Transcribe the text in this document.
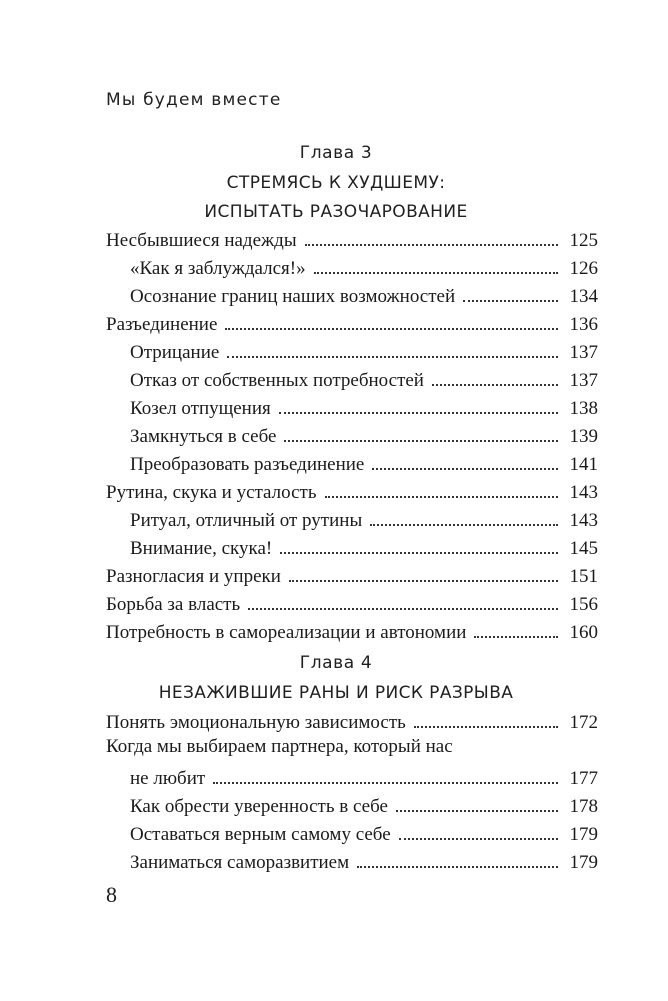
Мы будем вместе
Глава 3
СТРЕМЯСЬ К ХУДШЕМУ:
ИСПЫТАТЬ РАЗОЧАРОВАНИЕ
Несбывшиеся надежды	125
«Как я заблуждался!»	126
Осознание границ наших возможностей	134
Разъединение	136
Отрицание	137
Отказ от собственных потребностей	137
Козел отпущения	138
Замкнуться в себе	139
Преобразовать разъединение	141
Рутина, скука и усталость	143
Ритуал, отличный от рутины	143
Внимание, скука!	145
Разногласия и упреки	151
Борьба за власть	156
Потребность в самореализации и автономии	160
Глава 4
НЕЗАЖИВШИЕ РАНЫ И РИСК РАЗРЫВА
Понять эмоциональную зависимость	172
Когда мы выбираем партнера, который нас
не любит	177
Как обрести уверенность в себе	178
Оставаться верным самому себе	179
Заниматься саморазвитием	179
8
